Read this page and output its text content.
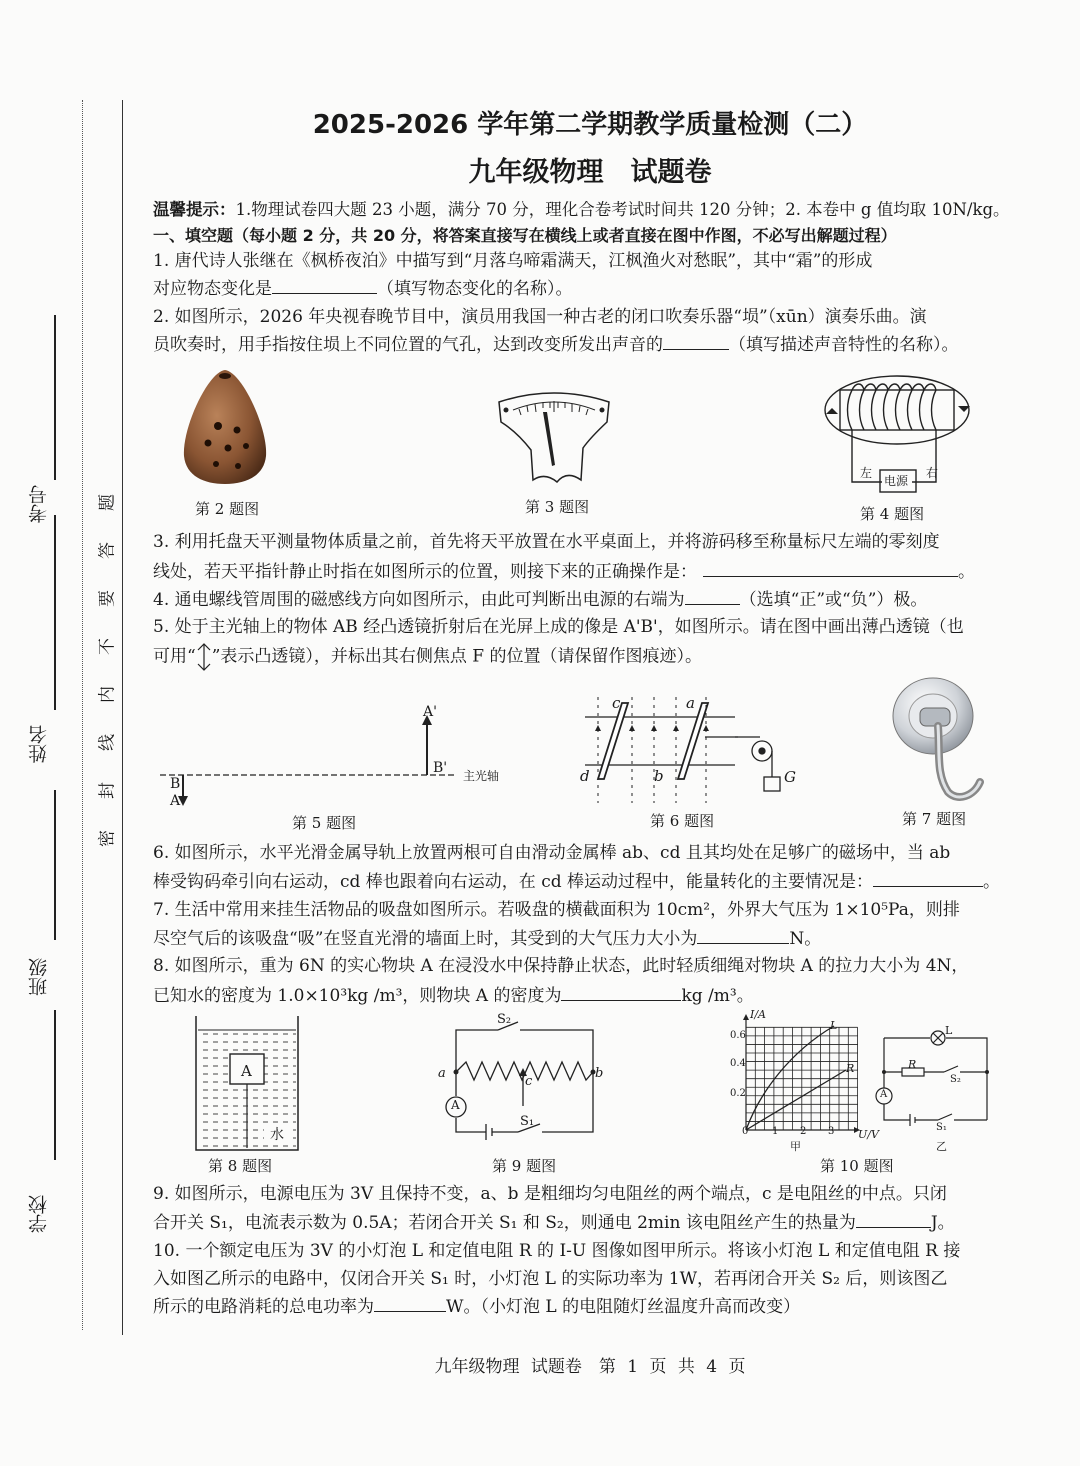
考号
姓名
班级
学校
密
封
线
内
不
要
答
题
2025-2026 学年第二学期教学质量检测（二）
九年级物理　试题卷
温馨提示：1.物理试卷四大题 23 小题，满分 70 分，理化合卷考试时间共 120 分钟；2. 本卷中 g 值均取 10N/kg。
一、填空题（每小题 2 分，共 20 分，将答案直接写在横线上或者直接在图中作图，不必写出解题过程）
1. 唐代诗人张继在《枫桥夜泊》中描写到“月落乌啼霜满天，江枫渔火对愁眠”，其中“霜”的形成
对应物态变化是	（填写物态变化的名称）。
2. 如图所示，2026 年央视春晚节目中，演员用我国一种古老的闭口吹奏乐器“埙”（xūn）演奏乐曲。演
员吹奏时，用手指按住埙上不同位置的气孔，达到改变所发出声音的	（填写描述声音特性的名称）。
第 2 题图	第 3 题图
左
电源
右
第 4 题图
3. 利用托盘天平测量物体质量之前，首先将天平放置在水平桌面上，并将游码移至称量标尺左端的零刻度
线处，若天平指针静止时指在如图所示的位置，则接下来的正确操作是：	。
4. 通电螺线管周围的磁感线方向如图所示，由此可判断出电源的右端为	（选填“正”或“负”）极。
5. 处于主光轴上的物体 AB 经凸透镜折射后在光屏上成的像是 A'B'，如图所示。请在图中画出薄凸透镜（也
可用“ ”表示凸透镜），并标出其右侧焦点 F 的位置（请保留作图痕迹）。
A'
B'
B
A
主光轴
第 5 题图
c	a
d	b	G
第 6 题图	第 7 题图
6. 如图所示，水平光滑金属导轨上放置两根可自由滑动金属棒 ab、cd 且其均处在足够广的磁场中，当 ab
棒受钩码牵引向右运动，cd 棒也跟着向右运动，在 cd 棒运动过程中，能量转化的主要情况是：	。
7. 生活中常用来挂生活物品的吸盘如图所示。若吸盘的横截面积为 10cm²，外界大气压为 1×10⁵Pa，则排
尽空气后的该吸盘“吸”在竖直光滑的墙面上时，其受到的大气压力大小为	N。
8. 如图所示，重为 6N 的实心物块 A 在浸没水中保持静止状态，此时轻质细绳对物块 A 的拉力大小为 4N，
已知水的密度为 1.0×10³kg /m³，则物块 A 的密度为	kg /m³。
A
水
第 8 题图
S₂
a	b
c
A
S₁
第 9 题图
I/A
0.6
0.4
0.2
0 1 2 3 U/V
L
R
甲
L
R
S₂
A
S₁
乙
第 10 题图
9. 如图所示，电源电压为 3V 且保持不变，a、b 是粗细均匀电阻丝的两个端点，c 是电阻丝的中点。只闭
合开关 S₁，电流表示数为 0.5A；若闭合开关 S₁ 和 S₂，则通电 2min 该电阻丝产生的热量为	J。
10. 一个额定电压为 3V 的小灯泡 L 和定值电阻 R 的 I-U 图像如图甲所示。将该小灯泡 L 和定值电阻 R 接
入如图乙所示的电路中，仅闭合开关 S₁ 时，小灯泡 L 的实际功率为 1W，若再闭合开关 S₂ 后，则该图乙
所示的电路消耗的总电功率为	W。（小灯泡 L 的电阻随灯丝温度升高而改变）
九年级物理 试题卷　第 1 页 共 4 页
